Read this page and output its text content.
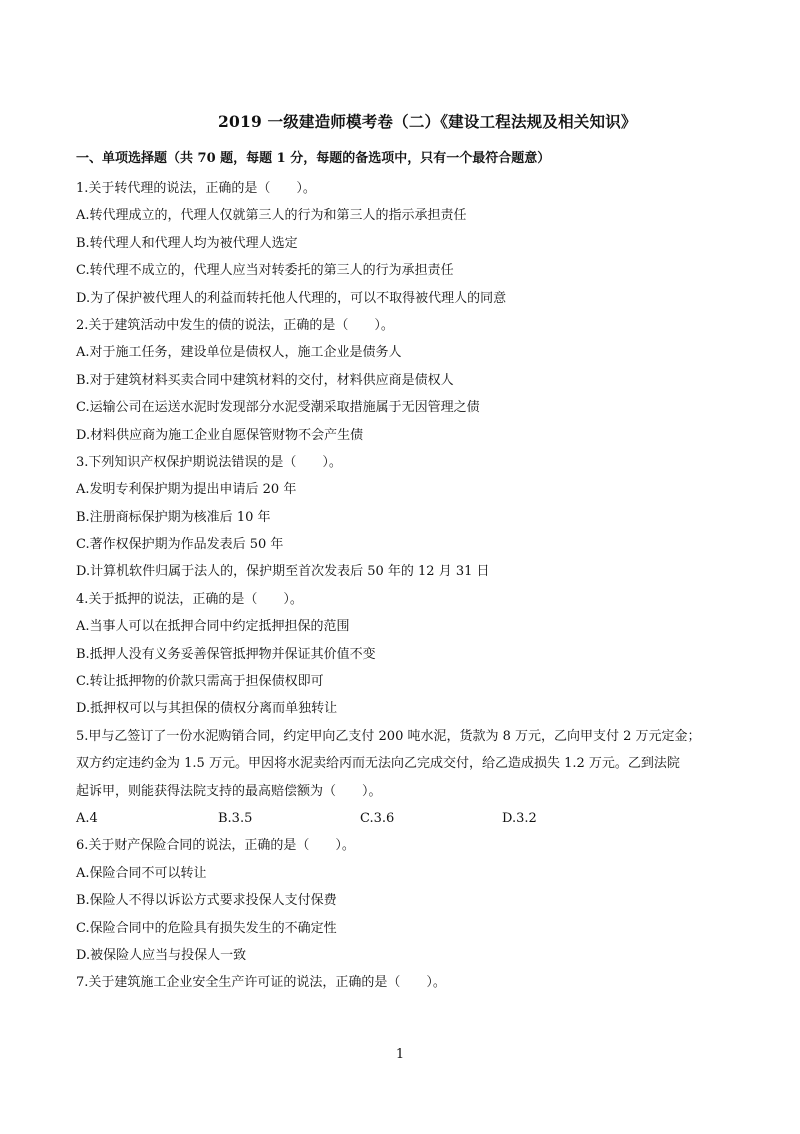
2019 一级建造师模考卷（二）《建设工程法规及相关知识》
一、单项选择题（共 70 题，每题 1 分，每题的备选项中，只有一个最符合题意）
1.关于转代理的说法，正确的是（　　）。
A.转代理成立的，代理人仅就第三人的行为和第三人的指示承担责任
B.转代理人和代理人均为被代理人选定
C.转代理不成立的，代理人应当对转委托的第三人的行为承担责任
D.为了保护被代理人的利益而转托他人代理的，可以不取得被代理人的同意
2.关于建筑活动中发生的债的说法，正确的是（　　）。
A.对于施工任务，建设单位是债权人，施工企业是债务人
B.对于建筑材料买卖合同中建筑材料的交付，材料供应商是债权人
C.运输公司在运送水泥时发现部分水泥受潮采取措施属于无因管理之债
D.材料供应商为施工企业自愿保管财物不会产生债
3.下列知识产权保护期说法错误的是（　　）。
A.发明专利保护期为提出申请后 20 年
B.注册商标保护期为核准后 10 年
C.著作权保护期为作品发表后 50 年
D.计算机软件归属于法人的，保护期至首次发表后 50 年的 12 月 31 日
4.关于抵押的说法，正确的是（　　）。
A.当事人可以在抵押合同中约定抵押担保的范围
B.抵押人没有义务妥善保管抵押物并保证其价值不变
C.转让抵押物的价款只需高于担保债权即可
D.抵押权可以与其担保的债权分离而单独转让
5.甲与乙签订了一份水泥购销合同，约定甲向乙支付 200 吨水泥，货款为 8 万元，乙向甲支付 2 万元定金；
双方约定违约金为 1.5 万元。甲因将水泥卖给丙而无法向乙完成交付，给乙造成损失 1.2 万元。乙到法院
起诉甲，则能获得法院支持的最高赔偿额为（　　）。
A.4	B.3.5	C.3.6	D.3.2
6.关于财产保险合同的说法，正确的是（　　）。
A.保险合同不可以转让
B.保险人不得以诉讼方式要求投保人支付保费
C.保险合同中的危险具有损失发生的不确定性
D.被保险人应当与投保人一致
7.关于建筑施工企业安全生产许可证的说法，正确的是（　　）。
1
